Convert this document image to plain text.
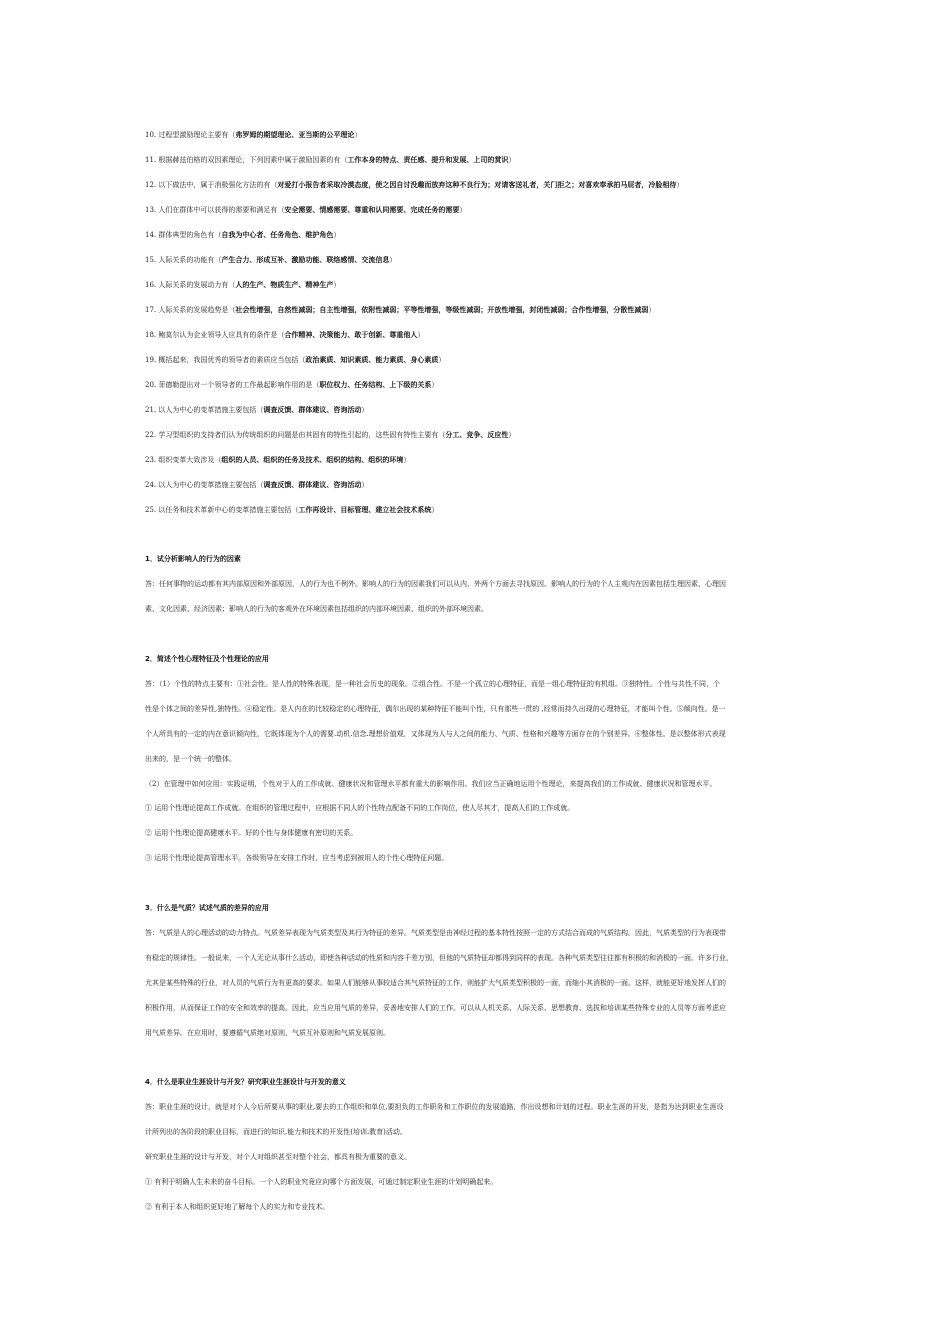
10. 过程型激励理论主要有（弗罗姆的期望理论、亚当斯的公平理论）
11. 根据赫兹伯格的双因素理论，下列因素中属于激励因素的有（工作本身的特点、责任感、提升和发展、上司的赏识）
12. 以下做法中，属于消极强化方法的有（对爱打小报告者采取冷漠态度，使之因自讨没趣而放弃这种不良行为；对请客送礼者，关门拒之；对喜欢奉承拍马屁者，冷脸相待）
13. 人们在群体中可以获得的需要和满足有（安全需要、情感需要、尊重和认同需要、完成任务的需要）
14. 群体典型的角色有（自我为中心者、任务角色、维护角色）
15. 人际关系的功能有（产生合力、形成互补、激励功能、联络感情、交流信息）
16. 人际关系的发展动力有（人的生产、物质生产、精神生产）
17. 人际关系的发展趋势是（社会性增强，自然性减弱；自主性增强，依附性减弱；平等性增强，等级性减弱；开放性增强，封闭性减弱；合作性增强，分散性减弱）
18. 鲍莫尔认为企业领导人应具有的条件是（合作精神、决策能力、敢于创新、尊重他人）
19. 概括起来，我国优秀的领导者的素质应当包括（政治素质、知识素质、能力素质、身心素质）
20. 菲德勒提出对一个领导者的工作最起影响作用的是（职位权力、任务结构、上下级的关系）
21. 以人为中心的变革措施主要包括（调查反馈、群体建议、咨询活动）
22. 学习型组织的支持者们认为传统组织的问题是由其固有的特性引起的，这些固有特性主要有（分工、竞争、反应性）
23. 组织变革大致涉及（组织的人员、组织的任务及技术、组织的结构、组织的环境）
24. 以人为中心的变革措施主要包括（调查反馈、群体建议、咨询活动）
25. 以任务和技术革新中心的变革措施主要包括（工作再设计、目标管理、建立社会技术系统）
1．试分析影响人的行为的因素
答：任何事物的运动都有其内部原因和外部原因，人的行为也不例外。影响人的行为的因素我们可以从内、外两个方面去寻找原因。影响人的行为的个人主观内在因素包括生理因素、心理因
素、文化因素、经济因素；影响人的行为的客观外在环境因素包括组织的内部环境因素、组织的外部环境因素。
2．简述个性心理特征及个性理论的应用
答：（1）个性的特点主要有：①社会性。是人性的特殊表现，是一种社会历史的现象。②组合性。不是一个孤立的心理特征，而是一组心理特征的有机组。③独特性。个性与共性不同，个
性是个体之间的差异性,独特性。④稳定性。是人内在的比较稳定的心理特征，偶尔出现的某种特征不能叫个性，只有那些一贯的 ,经常而持久出现的心理特征，才能叫个性。⑤倾向性。是一
个人所具有的一定的内在意识倾向性，它既体现为个人的需要.动机.信念.理想价值观，又体现为人与人之间的能力、气质、性格和兴趣等方面存在的个别差异。⑥整体性。是以整体形式表现
出来的，是一个统一的整体。
（2）在管理中如何应用：实践证明，个性对于人的工作成就、健康状况和管理水平都有重大的影响作用。我们应当正确地运用个性理论，来提高我们的工作成就、健康状况和管理水平。
① 运用个性理论提高工作成就。在组织的管理过程中，应根据不同人的个性特点配备不同的工作岗位，使人尽其才，提高人们的工作成就。
② 运用个性理论提高健康水平。好的个性与身体健康有密切的关系。
③ 运用个性理论提高管理水平。各级领导在安排工作时，应当考虑到被用人的个性心理特征问题。
3．什么是气质？试述气质的差异的应用
答：气质是人的心理活动的动力特点。气质差异表现为气质类型及其行为特征的差异。气质类型是由神经过程的基本特性按照一定的方式结合而成的气质结构。因此，气质类型的行为表现带
有稳定的规律性。一般说来，一个人无论从事什么活动，即使各种活动的性质和内容千差万别，但他的气质特征却都得到同样的表现。各种气质类型往往都有积极的和消极的一面。许多行业，
尤其是某些特殊的行业，对人员的气质行为有更高的要求。如果人们能够从事较适合其气质特征的工作，则能扩大气质类型积极的一面，而缩小其消极的一面。这样，就能更好地发挥人们的
积极作用，从而保证工作的安全和效率的提高。因此，应当应用气质的差异，妥善地安排人们的工作。可以从人机关系、人际关系、思想教育、选拔和培训某些特殊专业的人员等方面考虑应
用气质差异。在应用时，要遵循气质绝对原则、气质互补原则和气质发展原则。
4．什么是职业生涯设计与开发？研究职业生涯设计与开发的意义
答：职业生涯的设计，就是对个人今后所要从事的职业,要去的工作组织和单位,要担负的工作职务和工作职位的发展道路，作出设想和计划的过程。职业生涯的开发，是指为达到职业生涯设
计所列出的各阶段的职业目标，而进行的知识.能力和技术的开发性(培训.教育)活动。
研究职业生涯的设计与开发，对个人对组织甚至对整个社会，都具有极为重要的意义。
① 有利于明确人生未来的奋斗目标。一个人的职业究竟应向哪个方面发展，可通过制定职业生涯的计划明确起来。
② 有利于本人和组织更好地了解每个人的实力和专业技术。
